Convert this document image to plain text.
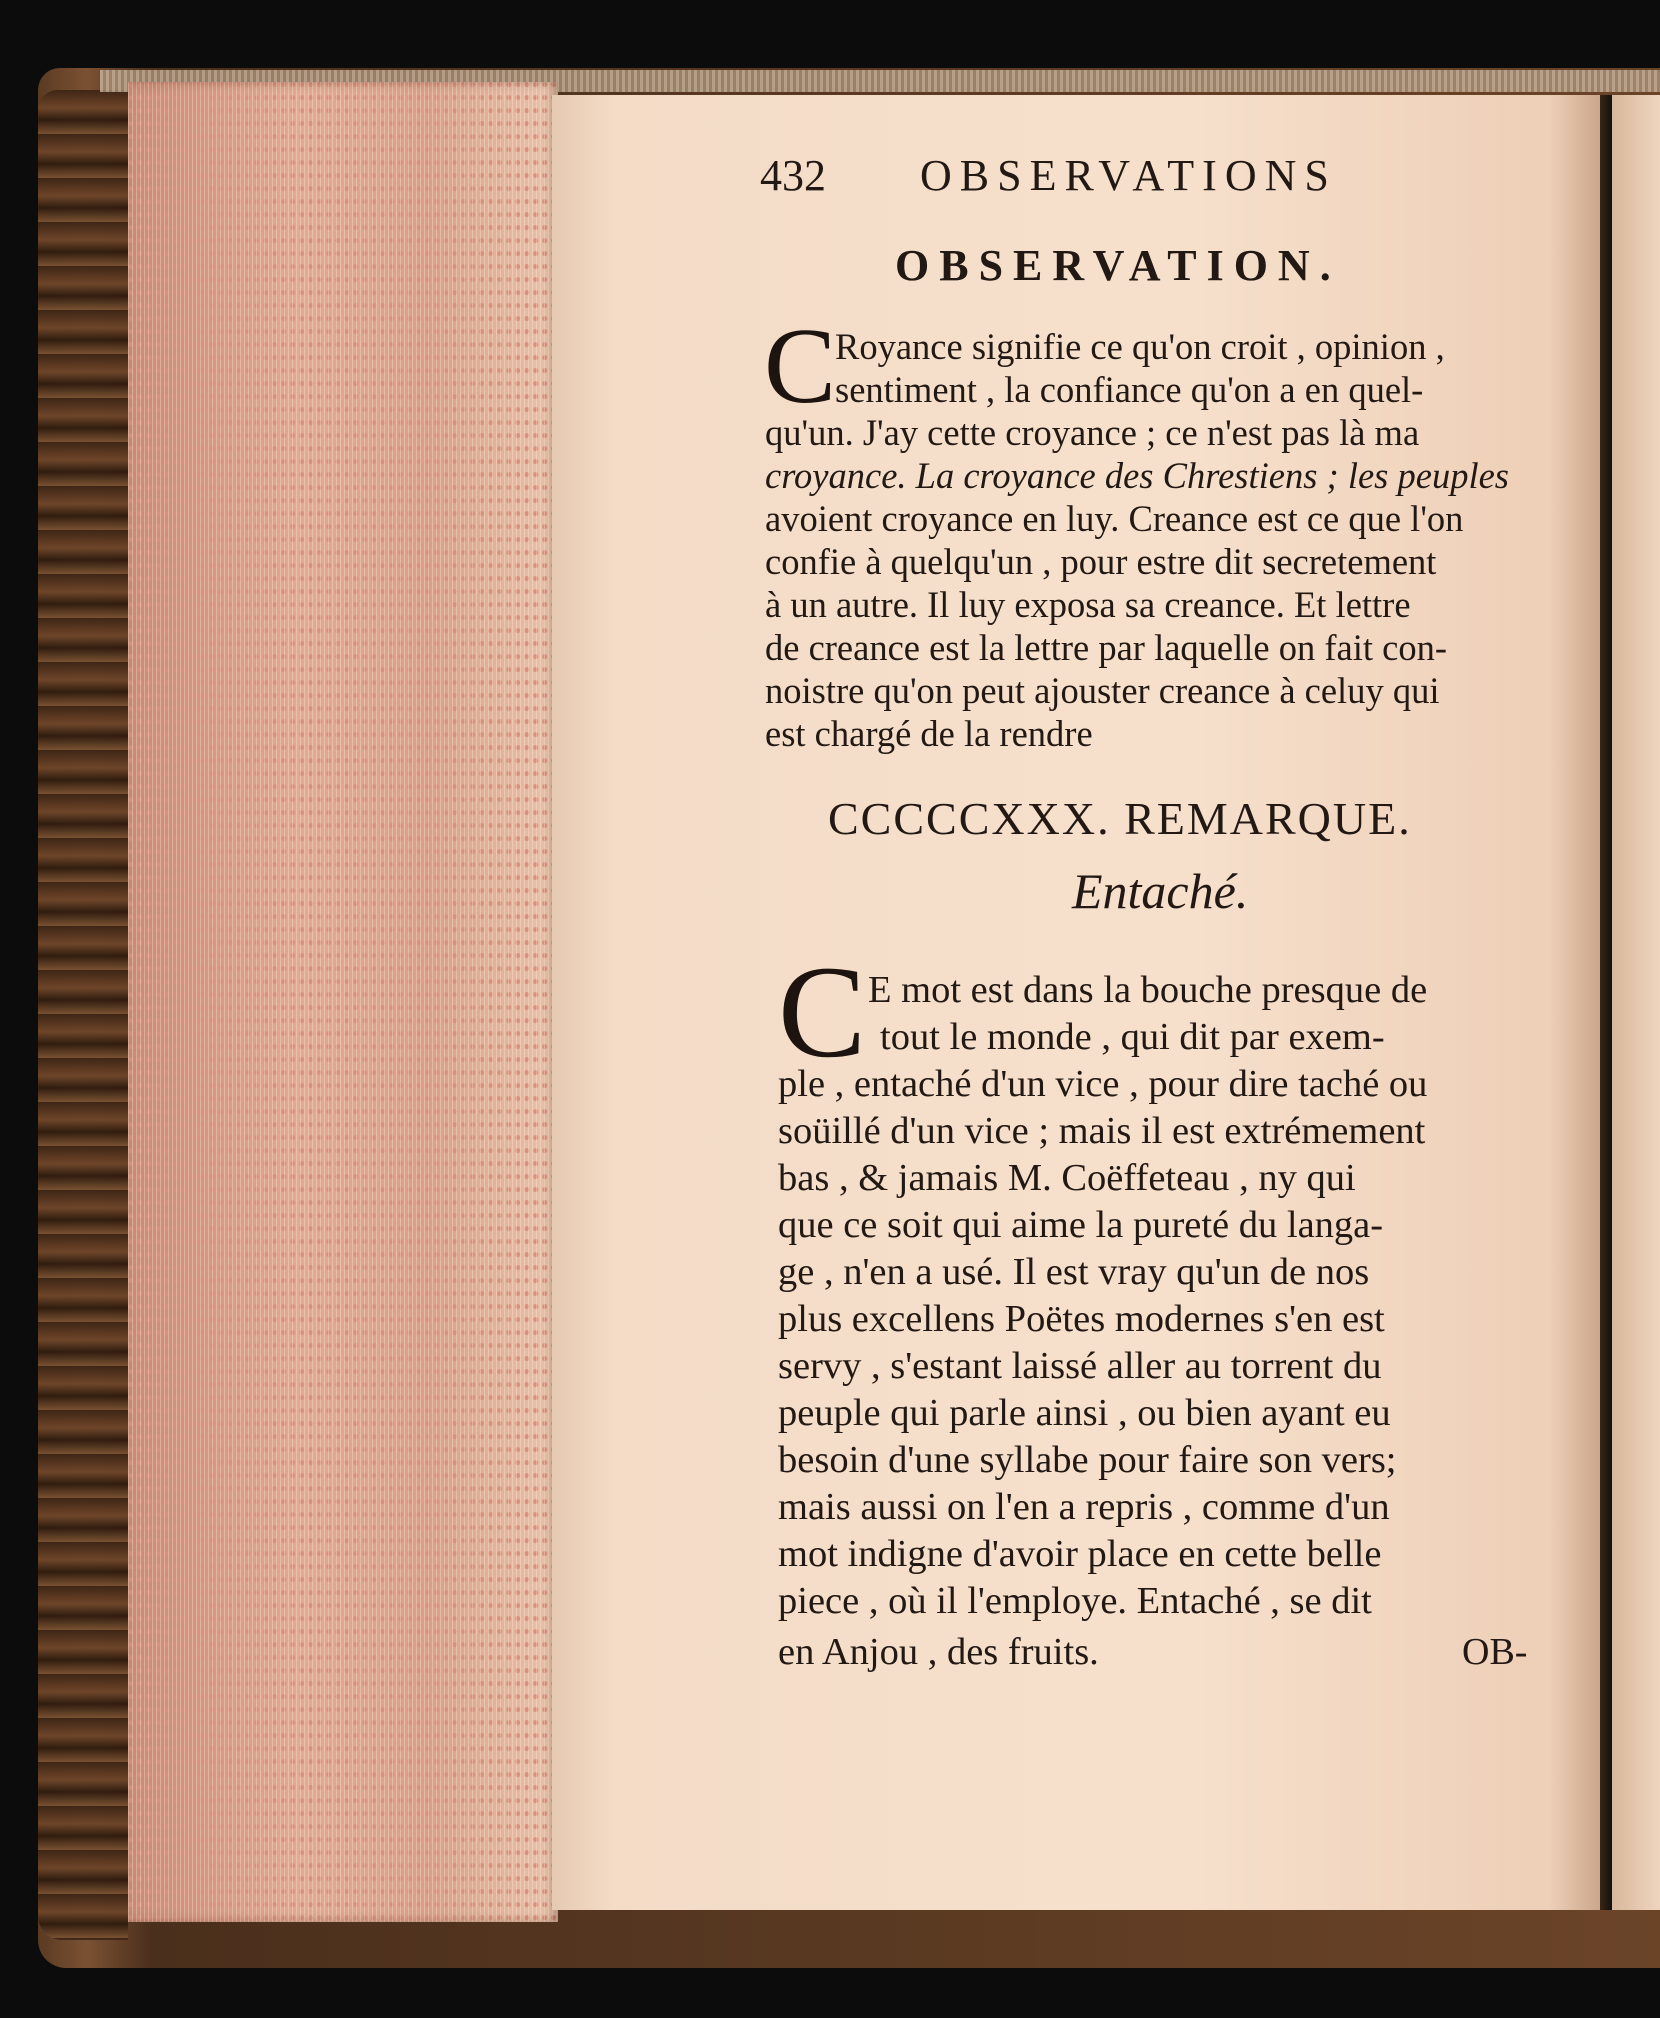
432 OBSERVATIONS
OBSERVATION.
C
Royance signifie ce qu'on croit , opinion ,
sentiment , la confiance qu'on a en quel-
qu'un. J'ay cette croyance ; ce n'est pas là ma
croyance. La croyance des Chrestiens ; les peuples
avoient croyance en luy. Creance est ce que l'on
confie à quelqu'un , pour estre dit secretement
à un autre. Il luy exposa sa creance. Et lettre
de creance est la lettre par laquelle on fait con-
noistre qu'on peut ajouster creance à celuy qui
est chargé de la rendre
CCCCCXXX. REMARQUE.
Entaché.
C E mot est dans la bouche presque de
tout le monde , qui dit par exem-
ple , entaché d'un vice , pour dire taché ou
soüillé d'un vice ; mais il est extrémement
bas , & jamais M. Coëffeteau , ny qui
que ce soit qui aime la pureté du langa-
ge , n'en a usé. Il est vray qu'un de nos
plus excellens Poëtes modernes s'en est
servy , s'estant laissé aller au torrent du
peuple qui parle ainsi , ou bien ayant eu
besoin d'une syllabe pour faire son vers;
mais aussi on l'en a repris , comme d'un
mot indigne d'avoir place en cette belle
piece , où il l'employe. Entaché , se dit
en Anjou , des fruits.	OB-
